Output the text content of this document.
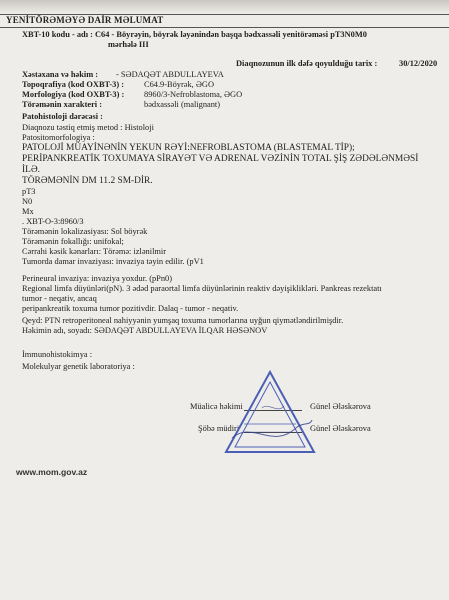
YENİTÖRƏMƏYƏ DAİR MƏLUMAT
XBT-10 kodu - adı : C64 - Böyrəyin, böyrək ləyənindən başqa bədxassəli yenitörəməsi pT3N0M0
mərhələ III
Diaqnozunun ilk dəfə qoyulduğu tarix :	30/12/2020
Xəstəxana və həkim : - SƏDAQƏT ABDULLAYEVA
Topoqrafiya (kod OXBT-3) : C64.9-Böyrək, ƏGO
Morfologiya (kod OXBT-3) : 8960/3-Nefroblastoma, ƏGO
Törəmənin xarakteri :	bədxassəli (malignant)
Patohistoloji dərəcəsi :
Diaqnozu təstiq etmiş metod : Histoloji
Patositomorfologiya :
PATOLOJİ MÜAYİNƏNİN YEKUN RƏYİ:NEFROBLASTOMA (BLASTEMAL TİP);
PERİPANKREATİK TOXUMAYA SİRAYƏT VƏ ADRENAL VƏZİNİN TOTAL ŞİŞ ZƏDƏLƏNMƏSİ
İLƏ.
TÖRƏMƏNİN DM 11.2 SM-DİR.
pT3
N0
Mx
. XBT-O-3:8960/3
Törəmənin lokalizasiyası: Sol böyrək
Törəmənin fokallığı: unifokal;
Cərrahi kəsik kənarları: Törəmə: izlənilmir
Tumorda damar invaziyası: invaziya təyin edilir. (pV1
Perineural invaziya: invaziya yoxdur. (pPn0)
Regional limfa düyünləri(pN). 3 ədəd paraortal limfa düyünlərinin reaktiv dəyişiklikləri. Pankreas rezektatı
tumor - neqativ, ancaq
peripankreatik toxuma tumor pozitivdir. Dalaq - tumor - neqativ.
Qeyd: PTN retroperitoneal nahiyyənin yumşaq toxuma tumorlarına uyğun qiymətləndirilmişdir.
Həkimin adı, soyadı: SƏDAQƏT ABDULLAYEVA İLQAR HƏSƏNOV
İmmunohistokimya :
Molekulyar genetik laboratoriya :
Müalicə həkimi	Günel Ələskərova
Şöbə müdiri	Günel Ələskərova
www.mom.gov.az
